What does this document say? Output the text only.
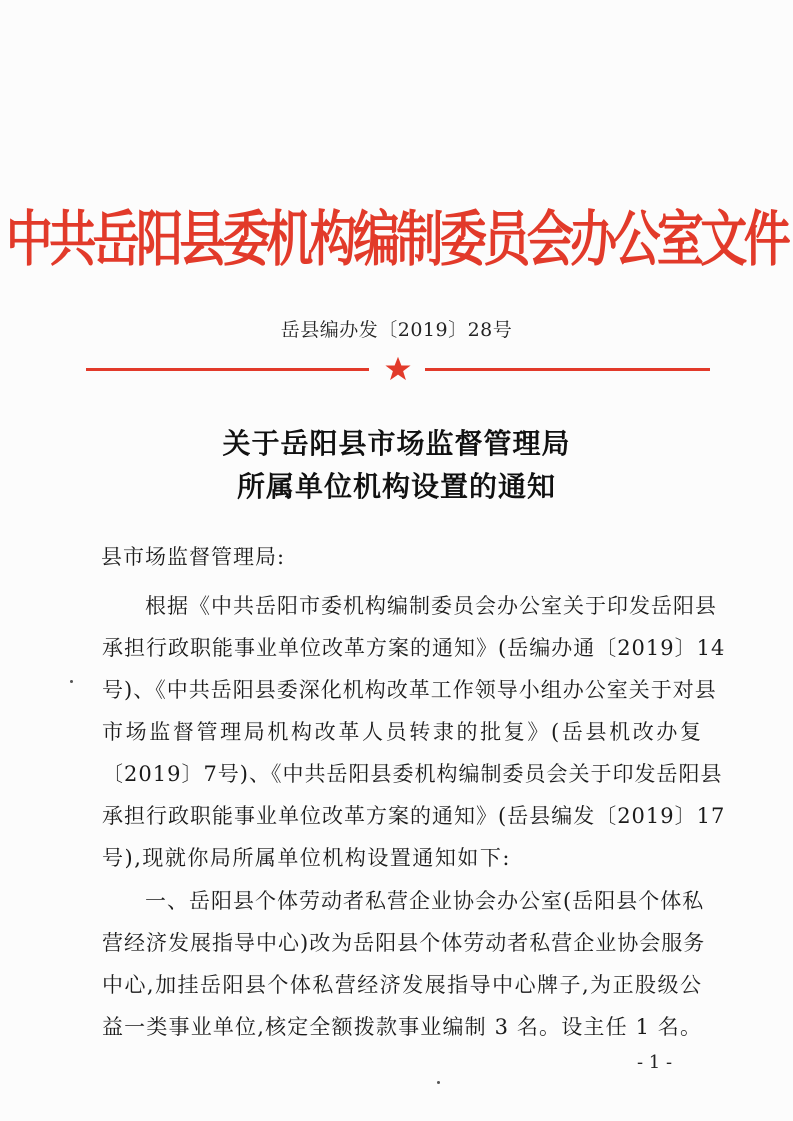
中共岳阳县委机构编制委员会办公室文件
岳县编办发〔2019〕28号
关于岳阳县市场监督管理局
所属单位机构设置的通知
县市场监督管理局:
根据《中共岳阳市委机构编制委员会办公室关于印发岳阳县
承担行政职能事业单位改革方案的通知》(岳编办通〔2019〕14
号)、《中共岳阳县委深化机构改革工作领导小组办公室关于对县
市场监督管理局机构改革人员转隶的批复》(岳县机改办复
〔2019〕7号)、《中共岳阳县委机构编制委员会关于印发岳阳县
承担行政职能事业单位改革方案的通知》(岳县编发〔2019〕17
号),现就你局所属单位机构设置通知如下:
一、岳阳县个体劳动者私营企业协会办公室(岳阳县个体私
营经济发展指导中心)改为岳阳县个体劳动者私营企业协会服务
中心,加挂岳阳县个体私营经济发展指导中心牌子,为正股级公
益一类事业单位,核定全额拨款事业编制 3 名。设主任 1 名。
- 1 -
